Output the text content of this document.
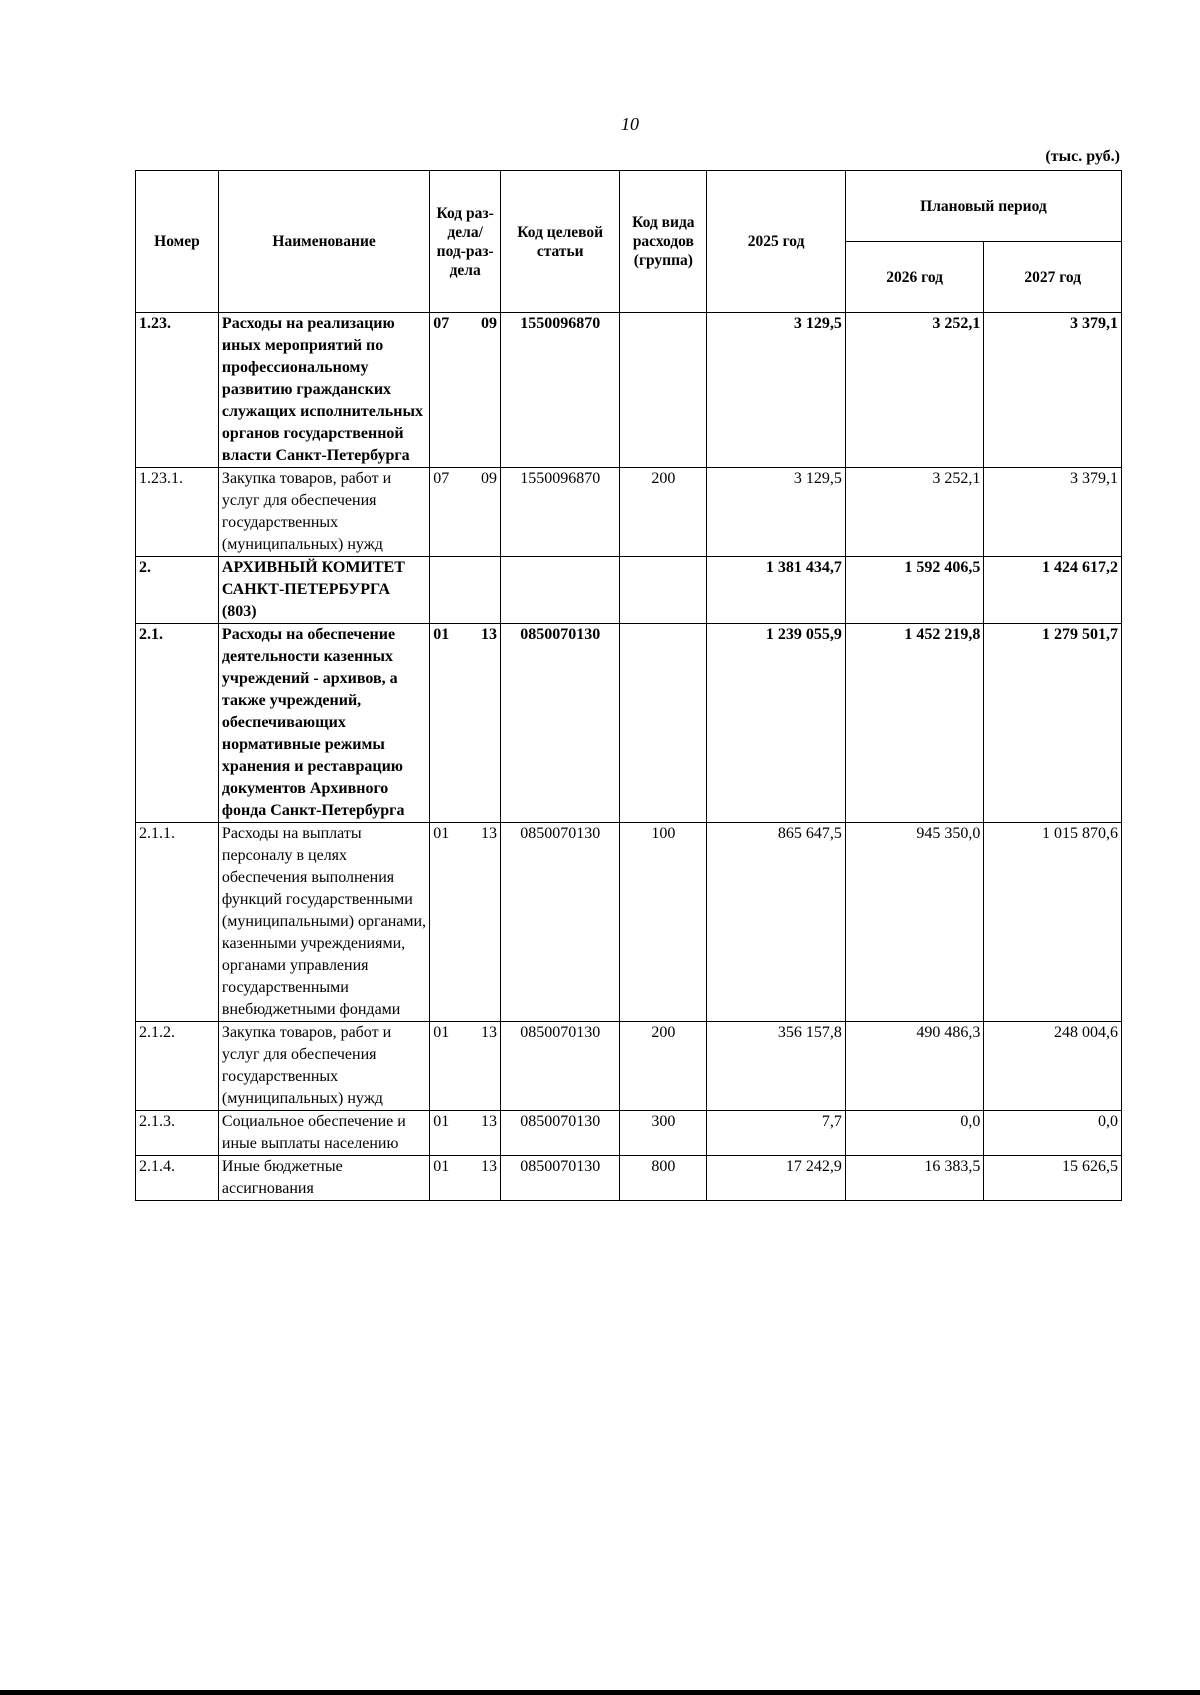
10
(тыс. руб.)
Номер	Наименование	Код раз-дела/ под-раз-дела	Код целевой статьи	Код вида расходов (группа)	2025 год	Плановый период	
						2026 год	2027 год
1.23.	Расходы на реализацию иных мероприятий по профессиональному развитию гражданских служащих исполнительных органов государственной власти Санкт-Петербурга	07 09	1550096870		3 129,5	3 252,1	3 379,1
1.23.1.	Закупка товаров, работ и услуг для обеспечения государственных (муниципальных) нужд	07 09	1550096870	200	3 129,5	3 252,1	3 379,1
2.	АРХИВНЫЙ КОМИТЕТ САНКТ-ПЕТЕРБУРГА (803)				1 381 434,7	1 592 406,5	1 424 617,2
2.1.	Расходы на обеспечение деятельности казенных учреждений - архивов, а также учреждений, обеспечивающих нормативные режимы хранения и реставрацию документов Архивного фонда Санкт-Петербурга	01 13	0850070130		1 239 055,9	1 452 219,8	1 279 501,7
2.1.1.	Расходы на выплаты персоналу в целях обеспечения выполнения функций государственными (муниципальными) органами, казенными учреждениями, органами управления государственными внебюджетными фондами	01 13	0850070130	100	865 647,5	945 350,0	1 015 870,6
2.1.2.	Закупка товаров, работ и услуг для обеспечения государственных (муниципальных) нужд	01 13	0850070130	200	356 157,8	490 486,3	248 004,6
2.1.3.	Социальное обеспечение и иные выплаты населению	01 13	0850070130	300	7,7	0,0	0,0
2.1.4.	Иные бюджетные ассигнования	01 13	0850070130	800	17 242,9	16 383,5	15 626,5
